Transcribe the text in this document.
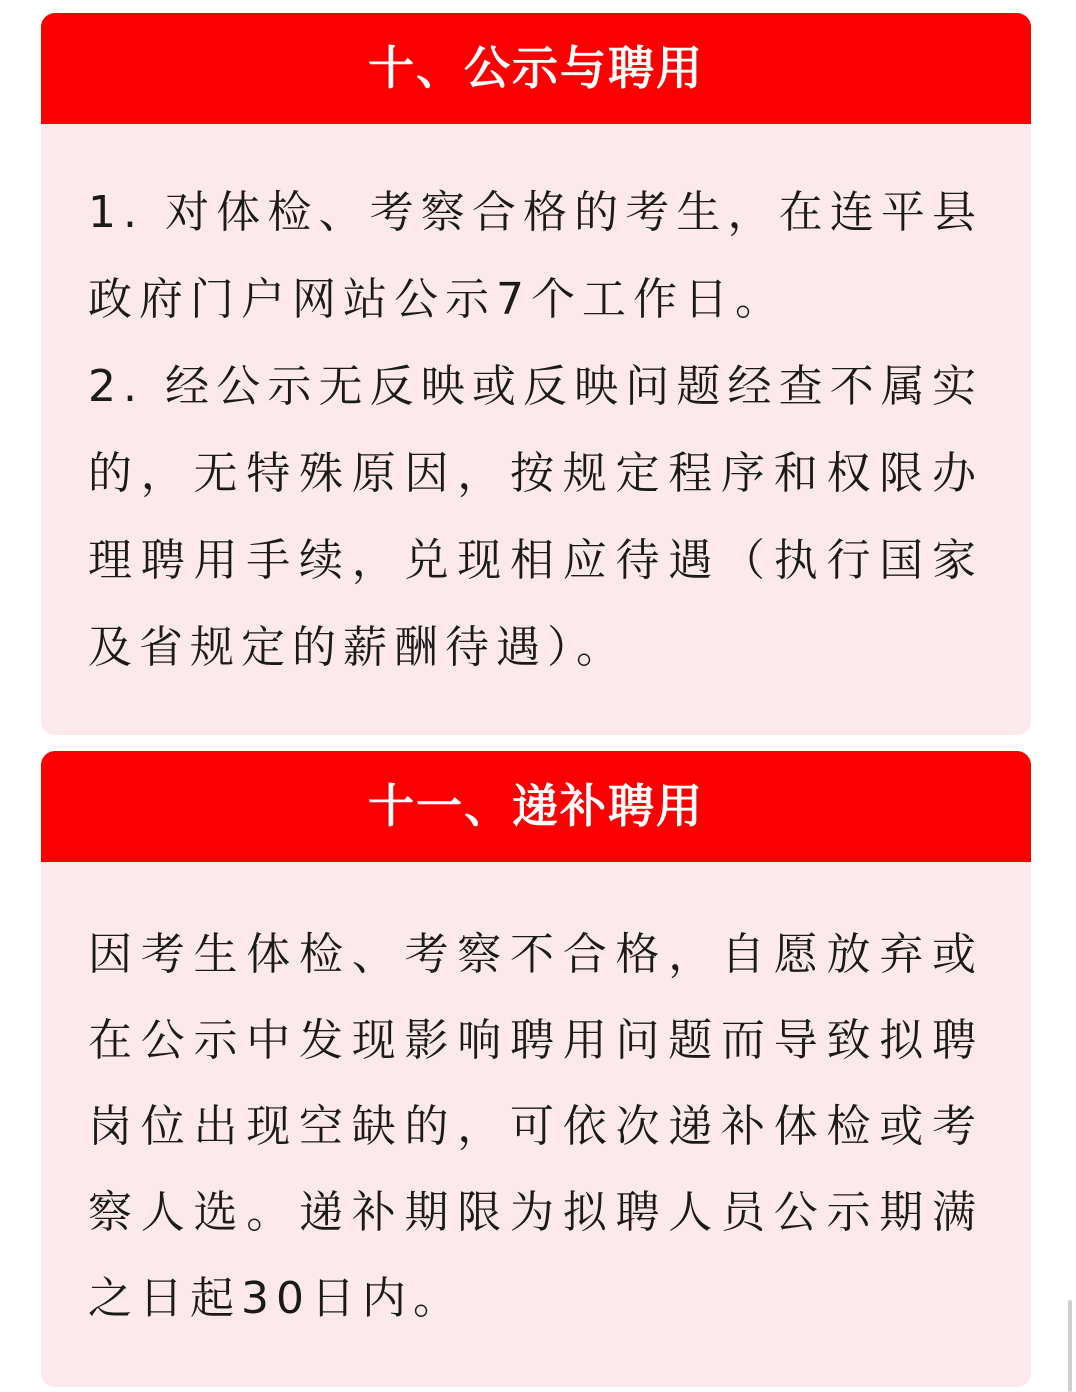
十、公示与聘用

1. 对体检、考察合格的考生，在连平县政府门户网站公示7个工作日。

2. 经公示无反映或反映问题经查不属实的，无特殊原因，按规定程序和权限办理聘用手续，兑现相应待遇（执行国家及省规定的薪酬待遇）。

十一、递补聘用

因考生体检、考察不合格，自愿放弃或在公示中发现影响聘用问题而导致拟聘岗位出现空缺的，可依次递补体检或考察人选。递补期限为拟聘人员公示期满之日起30日内。
